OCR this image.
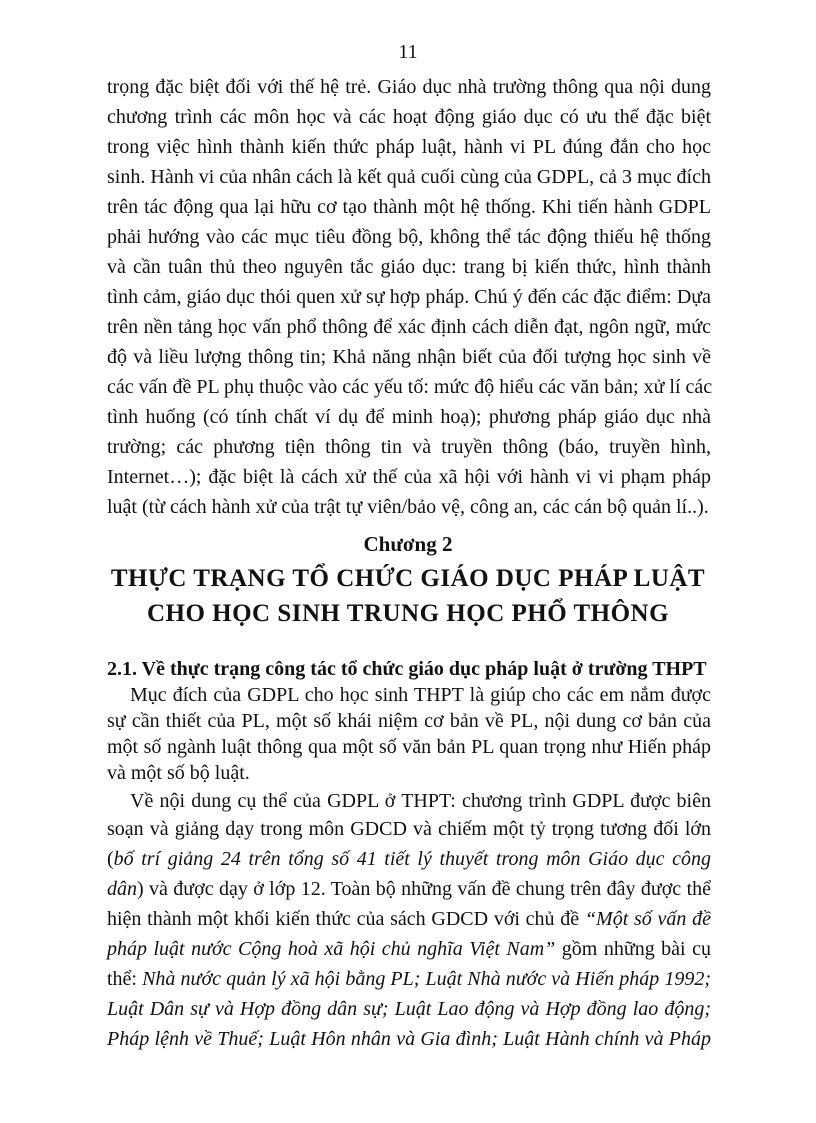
11
trọng đặc biệt đối với thế hệ trẻ. Giáo dục nhà trường thông qua nội dung
chương trình các môn học và các hoạt động giáo dục có ưu thế đặc biệt
trong việc hình thành kiến thức pháp luật, hành vi PL đúng đắn cho học
sinh. Hành vi của nhân cách là kết quả cuối cùng của GDPL, cả 3 mục đích
trên tác động qua lại hữu cơ tạo thành một hệ thống. Khi tiến hành GDPL
phải hướng vào các mục tiêu đồng bộ, không thể tác động thiếu hệ thống
và cần tuân thủ theo nguyên tắc giáo dục: trang bị kiến thức, hình thành
tình cảm, giáo dục thói quen xử sự hợp pháp. Chú ý đến các đặc điểm: Dựa
trên nền tảng học vấn phổ thông để xác định cách diễn đạt, ngôn ngữ, mức
độ và liều lượng thông tin; Khả năng nhận biết của đối tượng học sinh về
các vấn đề PL phụ thuộc vào các yếu tố: mức độ hiểu các văn bản; xử lí các
tình huống (có tính chất ví dụ để minh hoạ); phương pháp giáo dục nhà
trường; các phương tiện thông tin và truyền thông (báo, truyền hình,
Internet…); đặc biệt là cách xử thế của xã hội với hành vi vi phạm pháp
luật (từ cách hành xử của trật tự viên/bảo vệ, công an, các cán bộ quản lí..).
Chương 2
THỰC TRẠNG TỔ CHỨC GIÁO DỤC PHÁP LUẬT
CHO HỌC SINH TRUNG HỌC PHỔ THÔNG
2.1. Về thực trạng công tác tổ chức giáo dục pháp luật ở trường THPT
Mục đích của GDPL cho học sinh THPT là giúp cho các em nắm được
sự cần thiết của PL, một số khái niệm cơ bản về PL, nội dung cơ bản của
một số ngành luật thông qua một số văn bản PL quan trọng như Hiến pháp
và một số bộ luật.
Về nội dung cụ thể của GDPL ở THPT: chương trình GDPL được biên
soạn và giảng dạy trong môn GDCD và chiếm một tỷ trọng tương đối lớn
(bố trí giảng 24 trên tổng số 41 tiết lý thuyết trong môn Giáo dục công
dân) và được dạy ở lớp 12. Toàn bộ những vấn đề chung trên đây được thể
hiện thành một khối kiến thức của sách GDCD với chủ đề “Một số vấn đề
pháp luật nước Cộng hoà xã hội chủ nghĩa Việt Nam” gồm những bài cụ
thể: Nhà nước quản lý xã hội bằng PL; Luật Nhà nước và Hiến pháp 1992;
Luật Dân sự và Hợp đồng dân sự; Luật Lao động và Hợp đồng lao động;
Pháp lệnh về Thuế; Luật Hôn nhân và Gia đình; Luật Hành chính và Pháp
